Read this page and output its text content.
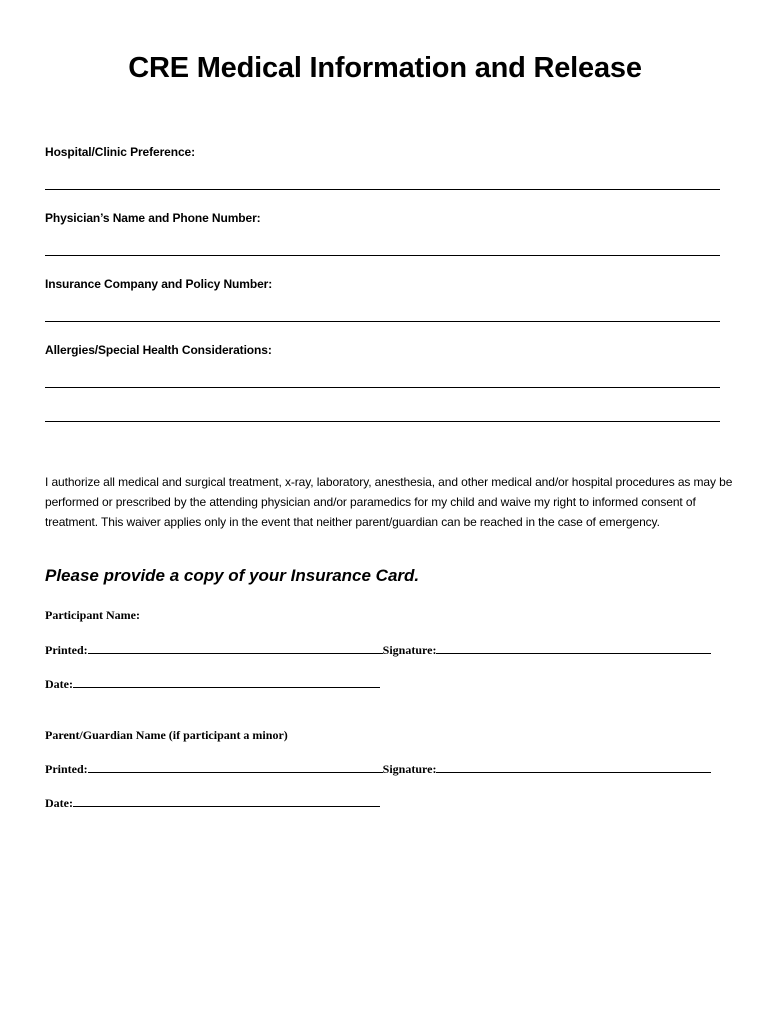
CRE Medical Information and Release
Hospital/Clinic Preference:
Physician’s Name and Phone Number:
Insurance Company and Policy Number:
Allergies/Special Health Considerations:
I authorize all medical and surgical treatment, x-ray, laboratory, anesthesia, and other medical and/or hospital procedures as may be performed or prescribed by the attending physician and/or paramedics for my child and waive my right to informed consent of treatment. This waiver applies only in the event that neither parent/guardian can be reached in the case of emergency.
Please provide a copy of your Insurance Card.
Participant Name:
Printed:	Signature:
Date:
Parent/Guardian Name (if participant a minor)
Printed:	Signature:
Date:
